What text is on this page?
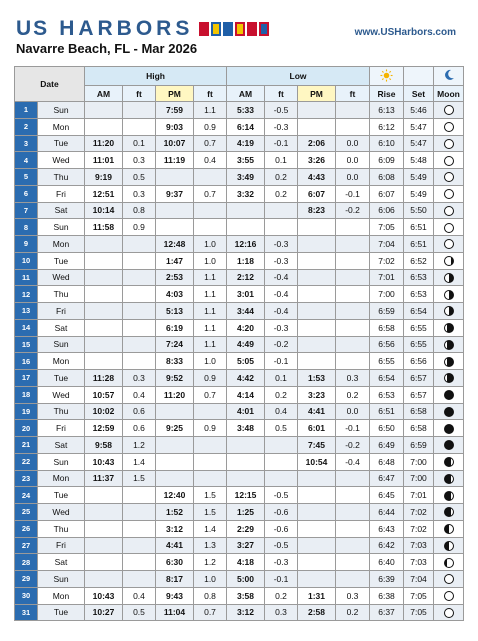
US HARBORS	www.USHarbors.com
Navarre Beach, FL - Mar 2026
Date		High				Low			
		AM	ft	PM	ft	AM	ft	PM	ft	Rise	Set	Moon
1	Sun			7:59	1.1	5:33	-0.5			6:13	5:46	
2	Mon			9:03	0.9	6:14	-0.3			6:12	5:47	
3	Tue	11:20	0.1	10:07	0.7	4:19	-0.1	2:06	0.0	6:10	5:47	
4	Wed	11:01	0.3	11:19	0.4	3:55	0.1	3:26	0.0	6:09	5:48	
5	Thu	9:19	0.5			3:49	0.2	4:43	0.0	6:08	5:49	
6	Fri	12:51	0.3	9:37	0.7	3:32	0.2	6:07	-0.1	6:07	5:49	
7	Sat	10:14	0.8					8:23	-0.2	6:06	5:50	
8	Sun	11:58	0.9							7:05	6:51	
9	Mon			12:48	1.0	12:16	-0.3			7:04	6:51	
10	Tue			1:47	1.0	1:18	-0.3			7:02	6:52	
11	Wed			2:53	1.1	2:12	-0.4			7:01	6:53	
12	Thu			4:03	1.1	3:01	-0.4			7:00	6:53	
13	Fri			5:13	1.1	3:44	-0.4			6:59	6:54	
14	Sat			6:19	1.1	4:20	-0.3			6:58	6:55	
15	Sun			7:24	1.1	4:49	-0.2			6:56	6:55	
16	Mon			8:33	1.0	5:05	-0.1			6:55	6:56	
17	Tue	11:28	0.3	9:52	0.9	4:42	0.1	1:53	0.3	6:54	6:57	
18	Wed	10:57	0.4	11:20	0.7	4:14	0.2	3:23	0.2	6:53	6:57	
19	Thu	10:02	0.6			4:01	0.4	4:41	0.0	6:51	6:58	
20	Fri	12:59	0.6	9:25	0.9	3:48	0.5	6:01	-0.1	6:50	6:58	
21	Sat	9:58	1.2					7:45	-0.2	6:49	6:59	
22	Sun	10:43	1.4					10:54	-0.4	6:48	7:00	
23	Mon	11:37	1.5							6:47	7:00	
24	Tue			12:40	1.5	12:15	-0.5			6:45	7:01	
25	Wed			1:52	1.5	1:25	-0.6			6:44	7:02	
26	Thu			3:12	1.4	2:29	-0.6			6:43	7:02	
27	Fri			4:41	1.3	3:27	-0.5			6:42	7:03	
28	Sat			6:30	1.2	4:18	-0.3			6:40	7:03	
29	Sun			8:17	1.0	5:00	-0.1			6:39	7:04	
30	Mon	10:43	0.4	9:43	0.8	3:58	0.2	1:31	0.3	6:38	7:05	
31	Tue	10:27	0.5	11:04	0.7	3:12	0.3	2:58	0.2	6:37	7:05	
